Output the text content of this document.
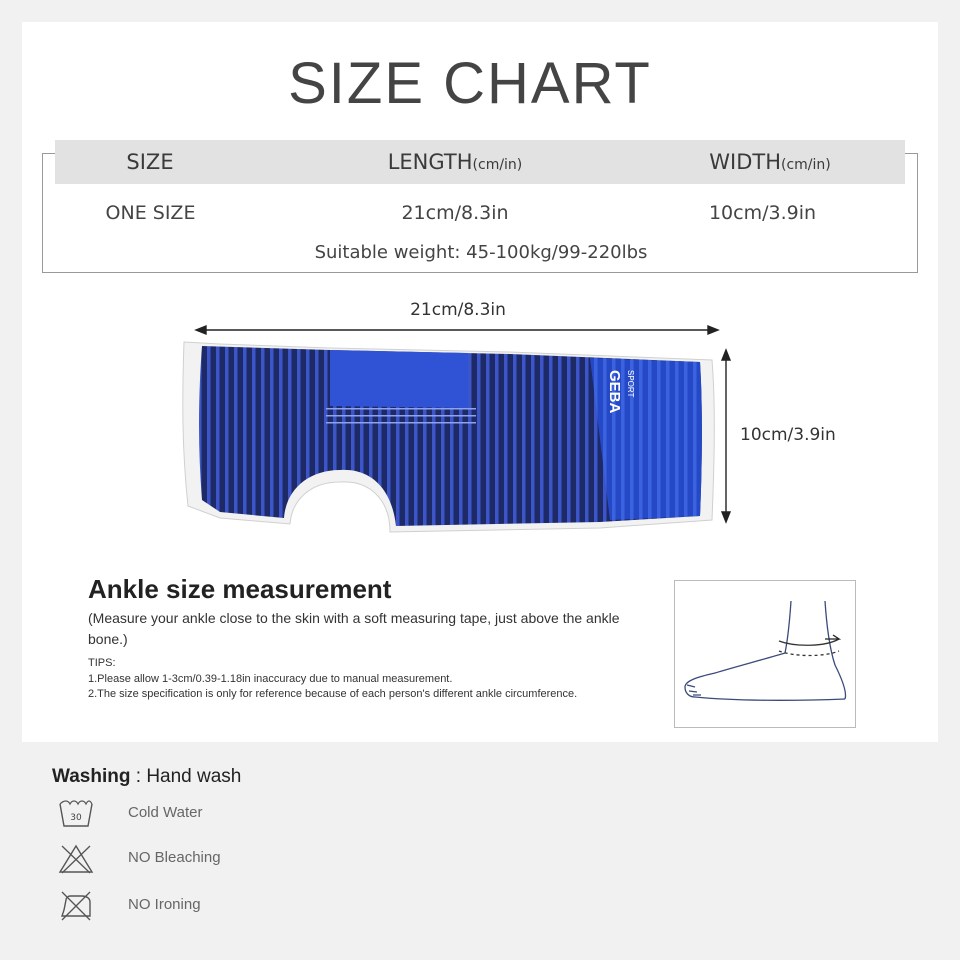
SIZE CHART
SIZE	LENGTH(cm/in)	WIDTH(cm/in)
ONE SIZE	21cm/8.3in	10cm/3.9in
Suitable weight: 45-100kg/99-220lbs
21cm/8.3in
10cm/3.9in
GEBA SPORT
Ankle size measurement
(Measure your ankle close to the skin with a soft measuring tape, just above the ankle bone.)
TIPS:
1.Please allow 1-3cm/0.39-1.18in inaccuracy due to manual measurement.
2.The size specification is only for reference because of each person's different ankle circumference.
Washing : Hand wash
30	Cold Water
NO Bleaching
NO Ironing
